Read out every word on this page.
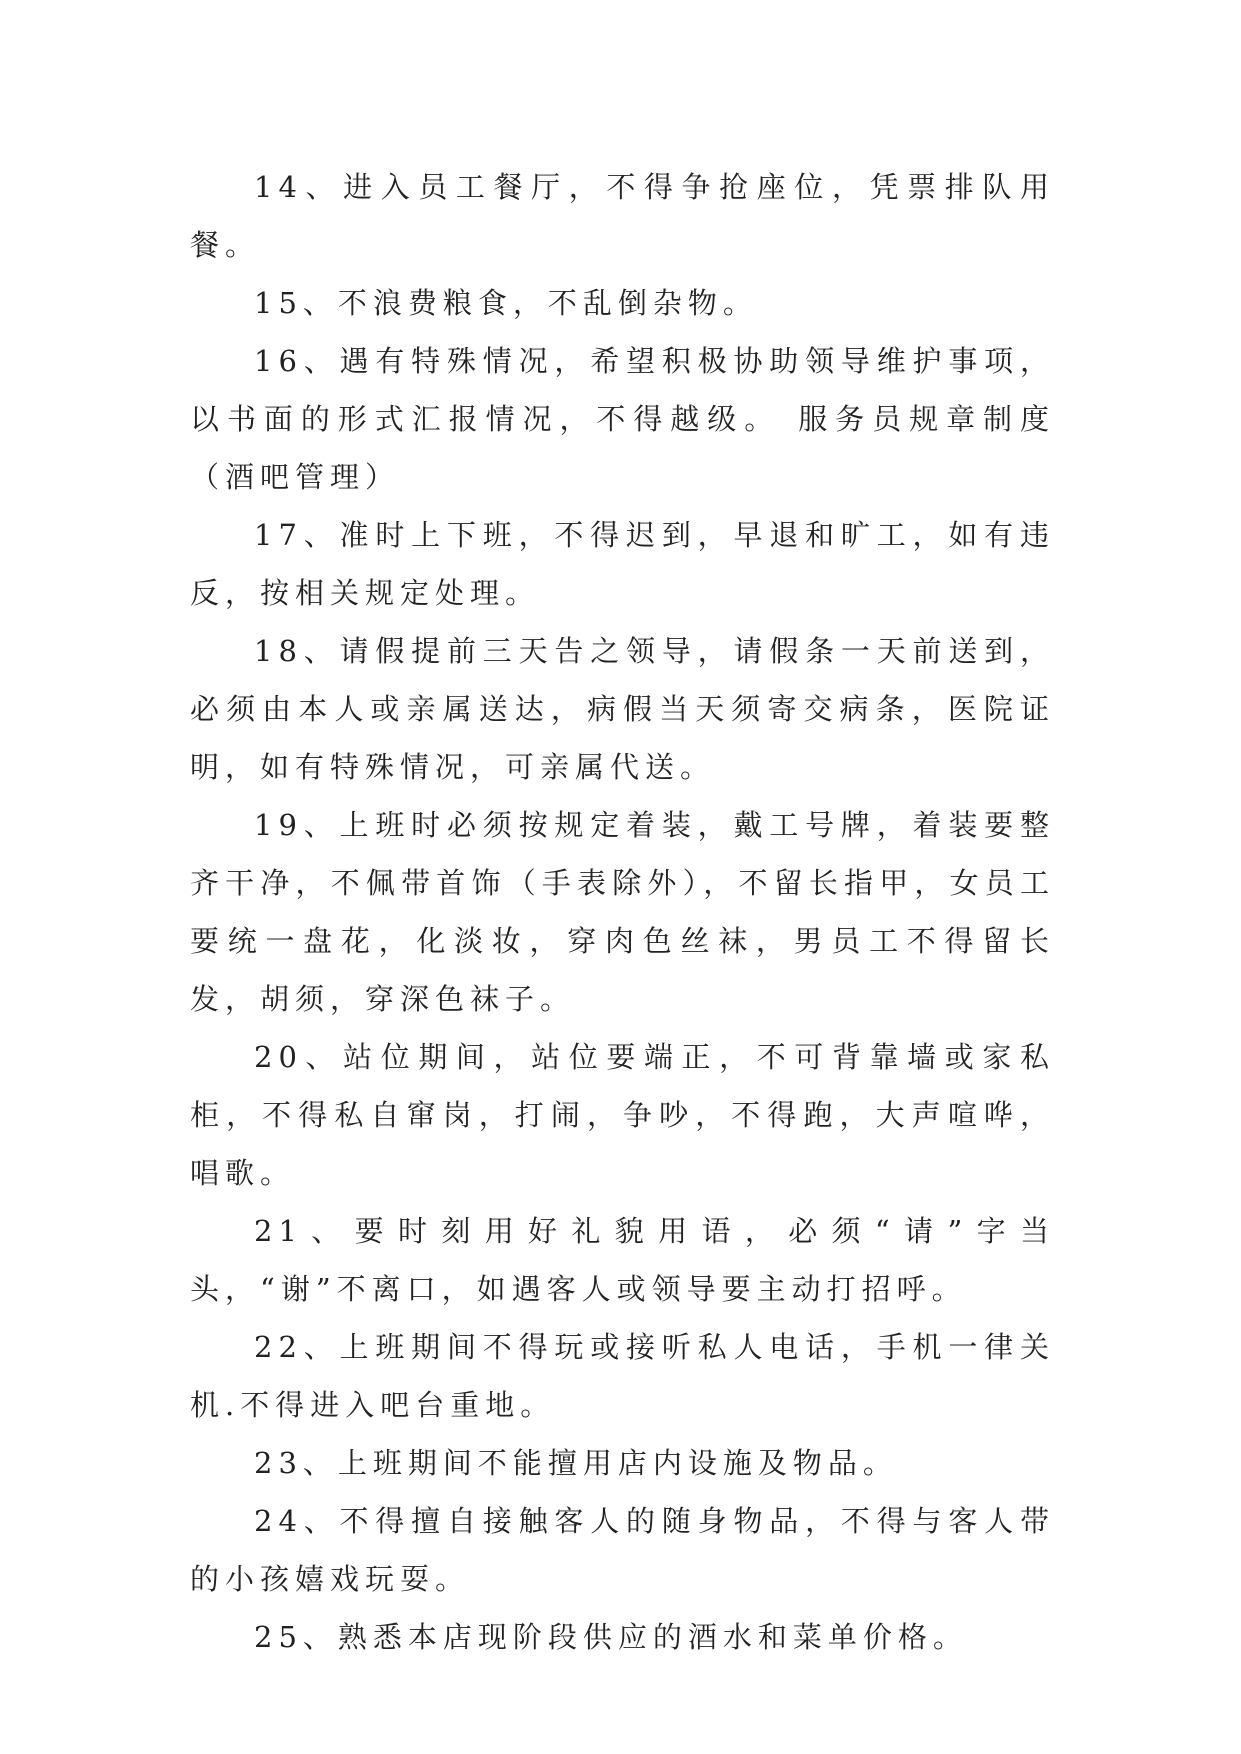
14、进入员工餐厅，不得争抢座位，凭票排队用餐。

15、不浪费粮食，不乱倒杂物。

16、遇有特殊情况，希望积极协助领导维护事项，以书面的形式汇报情况，不得越级。 服务员规章制度（酒吧管理）

17、准时上下班，不得迟到，早退和旷工，如有违反，按相关规定处理。

18、请假提前三天告之领导，请假条一天前送到，必须由本人或亲属送达，病假当天须寄交病条，医院证明，如有特殊情况，可亲属代送。

19、上班时必须按规定着装，戴工号牌，着装要整齐干净，不佩带首饰（手表除外），不留长指甲，女员工要统一盘花，化淡妆，穿肉色丝袜，男员工不得留长发，胡须，穿深色袜子。

20、站位期间，站位要端正，不可背靠墙或家私柜，不得私自窜岗，打闹，争吵，不得跑，大声喧哗，唱歌。

21、要时刻用好礼貌用语，必须“请”字当头，“谢”不离口，如遇客人或领导要主动打招呼。

22、上班期间不得玩或接听私人电话，手机一律关机.不得进入吧台重地。

23、上班期间不能擅用店内设施及物品。

24、不得擅自接触客人的随身物品，不得与客人带的小孩嬉戏玩耍。

25、熟悉本店现阶段供应的酒水和菜单价格。
